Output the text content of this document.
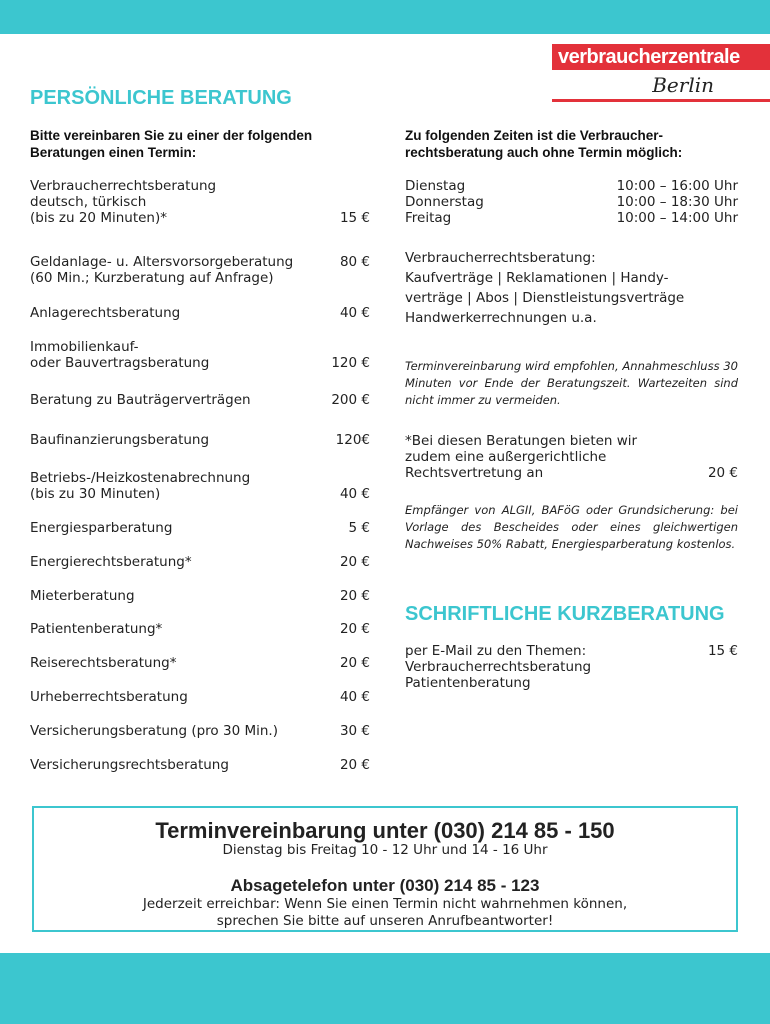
verbraucherzentrale
Berlin
PERSÖNLICHE BERATUNG
Bitte vereinbaren Sie zu einer der folgenden Beratungen einen Termin:
Zu folgenden Zeiten ist die Verbraucher-rechtsberatung auch ohne Termin möglich:
Verbraucherrechtsberatung
deutsch, türkisch
(bis zu 20 Minuten)*	15 €
Geldanlage- u. Altersvorsorgeberatung
(60 Min.; Kurzberatung auf Anfrage)
80 €
Anlagerechtsberatung	40 €
Immobilienkauf-
oder Bauvertragsberatung	120 €
Beratung zu Bauträgerverträgen	200 €
Baufinanzierungsberatung	120€
Betriebs-/Heizkostenabrechnung
(bis zu 30 Minuten)	40 €
Energiesparberatung	5 €
Energierechtsberatung*	20 €
Mieterberatung	20 €
Patientenberatung*	20 €
Reiserechtsberatung*	20 €
Urheberrechtsberatung	40 €
Versicherungsberatung (pro 30 Min.)	30 €
Versicherungsrechtsberatung	20 €
Dienstag	10:00 – 16:00 Uhr
Donnerstag	10:00 – 18:30 Uhr
Freitag	10:00 – 14:00 Uhr
Verbraucherrechtsberatung:
Kaufverträge | Reklamationen | Handy-
verträge | Abos | Dienstleistungsverträge
Handwerkerrechnungen u.a.
Terminvereinbarung wird empfohlen, Annahmeschluss 30 Minuten vor Ende der Beratungszeit. Wartezeiten sind nicht immer zu vermeiden.
*Bei diesen Beratungen bieten wir
zudem eine außergerichtliche
Rechtsvertretung an	20 €
Empfänger von ALGII, BAFöG oder Grundsicherung: bei Vorlage des Bescheides oder eines gleichwertigen Nachweises 50% Rabatt, Energiesparberatung kostenlos.
SCHRIFTLICHE KURZBERATUNG
per E-Mail zu den Themen:
Verbraucherrechtsberatung
Patientenberatung
15 €
Terminvereinbarung unter (030) 214 85 - 150
Dienstag bis Freitag 10 - 12 Uhr und 14 - 16 Uhr
Absagetelefon unter (030) 214 85 - 123
Jederzeit erreichbar: Wenn Sie einen Termin nicht wahrnehmen können,
sprechen Sie bitte auf unseren Anrufbeantworter!
